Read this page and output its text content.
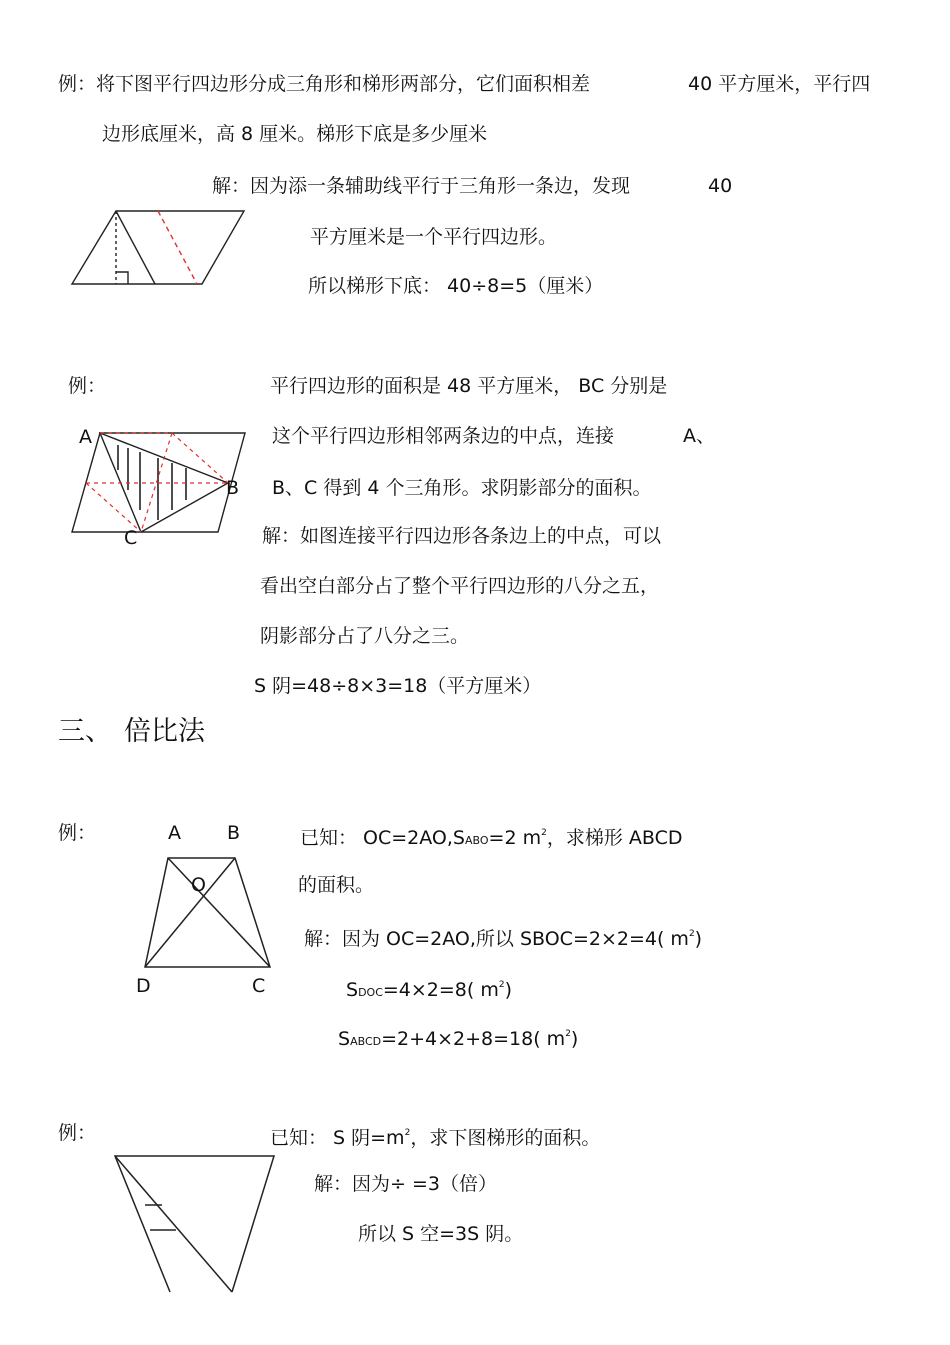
例：将下图平行四边形分成三角形和梯形两部分，它们面积相差	40 平方厘米，平行四
边形底厘米，高 8 厘米。梯形下底是多少厘米
解：因为添一条辅助线平行于三角形一条边，发现	40
平方厘米是一个平行四边形。
所以梯形下底： 40÷8=5（厘米）
A
B
C
例：	平行四边形的面积是 48 平方厘米， BC 分别是
这个平行四边形相邻两条边的中点，连接	A、
B、C 得到 4 个三角形。求阴影部分的面积。
解：如图连接平行四边形各条边上的中点，可以
看出空白部分占了整个平行四边形的八分之五，
阴影部分占了八分之三。
S 阴=48÷8×3=18（平方厘米）
三、 倍比法
例：	A B
O
D	C
已知： OC=2AO,SABO=2 $m^2$，求梯形 ABCD
的面积。
解：因为 OC=2AO,所以 SBOC=2×2=4( $m^2$)
SDOC=4×2=8( $m^2$)
SABCD=2+4×2+8=18( $m^2$)
例：	已知： S 阴$=m^2$，求下图梯形的面积。
解：因为÷ =3（倍）
所以 S 空=3S 阴。
